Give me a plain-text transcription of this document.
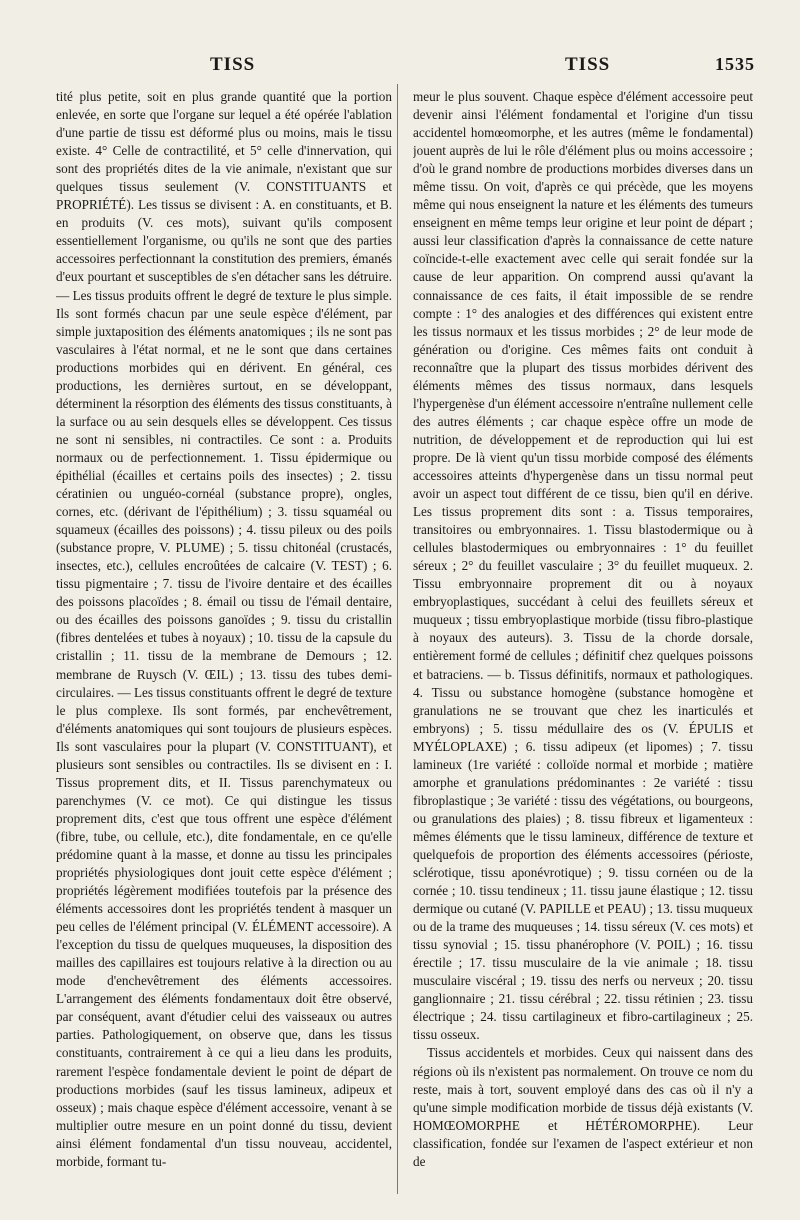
TISS	TISS	1535

tité plus petite, soit en plus grande quantité que la portion enlevée, en sorte que l'organe sur lequel a été opérée l'ablation d'une partie de tissu est déformé plus ou moins, mais le tissu existe. 4° Celle de contractilité, et 5° celle d'innervation, qui sont des propriétés dites de la vie animale, n'existant que sur quelques tissus seulement (V. CONSTITUANTS et PROPRIÉTÉ). Les tissus se divisent : A. en constituants, et B. en produits (V. ces mots), suivant qu'ils composent essentiellement l'organisme, ou qu'ils ne sont que des parties accessoires perfectionnant la constitution des premiers, émanés d'eux pourtant et susceptibles de s'en détacher sans les détruire. — Les tissus produits offrent le degré de texture le plus simple. Ils sont formés chacun par une seule espèce d'élément, par simple juxtaposition des éléments anatomiques ; ils ne sont pas vasculaires à l'état normal, et ne le sont que dans certaines productions morbides qui en dérivent. En général, ces productions, les dernières surtout, en se développant, déterminent la résorption des éléments des tissus constituants, à la surface ou au sein desquels elles se développent. Ces tissus ne sont ni sensibles, ni contractiles. Ce sont : a. Produits normaux ou de perfectionnement. 1. Tissu épidermique ou épithélial (écailles et certains poils des insectes) ; 2. tissu cératinien ou unguéo-cornéal (substance propre), ongles, cornes, etc. (dérivant de l'épithélium) ; 3. tissu squaméal ou squameux (écailles des poissons) ; 4. tissu pileux ou des poils (substance propre, V. PLUME) ; 5. tissu chitonéal (crustacés, insectes, etc.), cellules encroûtées de calcaire (V. TEST) ; 6. tissu pigmentaire ; 7. tissu de l'ivoire dentaire et des écailles des poissons placoïdes ; 8. émail ou tissu de l'émail dentaire, ou des écailles des poissons ganoïdes ; 9. tissu du cristallin (fibres dentelées et tubes à noyaux) ; 10. tissu de la capsule du cristallin ; 11. tissu de la membrane de Demours ; 12. membrane de Ruysch (V. ŒIL) ; 13. tissu des tubes demi-circulaires. — Les tissus constituants offrent le degré de texture le plus complexe. Ils sont formés, par enchevêtrement, d'éléments anatomiques qui sont toujours de plusieurs espèces. Ils sont vasculaires pour la plupart (V. CONSTITUANT), et plusieurs sont sensibles ou contractiles. Ils se divisent en : I. Tissus proprement dits, et II. Tissus parenchymateux ou parenchymes (V. ce mot). Ce qui distingue les tissus proprement dits, c'est que tous offrent une espèce d'élément (fibre, tube, ou cellule, etc.), dite fondamentale, en ce qu'elle prédomine quant à la masse, et donne au tissu les principales propriétés physiologiques dont jouit cette espèce d'élément ; propriétés légèrement modifiées toutefois par la présence des éléments accessoires dont les propriétés tendent à masquer un peu celles de l'élément principal (V. ÉLÉMENT accessoire). A l'exception du tissu de quelques muqueuses, la disposition des mailles des capillaires est toujours relative à la direction ou au mode d'enchevêtrement des éléments accessoires. L'arrangement des éléments fondamentaux doit être observé, par conséquent, avant d'étudier celui des vaisseaux ou autres parties. Pathologiquement, on observe que, dans les tissus constituants, contrairement à ce qui a lieu dans les produits, rarement l'espèce fondamentale devient le point de départ de productions morbides (sauf les tissus lamineux, adipeux et osseux) ; mais chaque espèce d'élément accessoire, venant à se multiplier outre mesure en un point donné du tissu, devient ainsi élément fondamental d'un tissu nouveau, accidentel, morbide, formant tu-

meur le plus souvent. Chaque espèce d'élément accessoire peut devenir ainsi l'élément fondamental et l'origine d'un tissu accidentel homœomorphe, et les autres (même le fondamental) jouent auprès de lui le rôle d'élément plus ou moins accessoire ; d'où le grand nombre de productions morbides diverses dans un même tissu. On voit, d'après ce qui précède, que les moyens même qui nous enseignent la nature et les éléments des tumeurs enseignent en même temps leur origine et leur point de départ ; aussi leur classification d'après la connaissance de cette nature coïncide-t-elle exactement avec celle qui serait fondée sur la cause de leur apparition. On comprend aussi qu'avant la connaissance de ces faits, il était impossible de se rendre compte : 1° des analogies et des différences qui existent entre les tissus normaux et les tissus morbides ; 2° de leur mode de génération ou d'origine. Ces mêmes faits ont conduit à reconnaître que la plupart des tissus morbides dérivent des éléments mêmes des tissus normaux, dans lesquels l'hypergenèse d'un élément accessoire n'entraîne nullement celle des autres éléments ; car chaque espèce offre un mode de nutrition, de développement et de reproduction qui lui est propre. De là vient qu'un tissu morbide composé des éléments accessoires atteints d'hypergenèse dans un tissu normal peut avoir un aspect tout différent de ce tissu, bien qu'il en dérive. Les tissus proprement dits sont : a. Tissus temporaires, transitoires ou embryonnaires. 1. Tissu blastodermique ou à cellules blastodermiques ou embryonnaires : 1° du feuillet séreux ; 2° du feuillet vasculaire ; 3° du feuillet muqueux. 2. Tissu embryonnaire proprement dit ou à noyaux embryoplastiques, succédant à celui des feuillets séreux et muqueux ; tissu embryoplastique morbide (tissu fibro-plastique à noyaux des auteurs). 3. Tissu de la chorde dorsale, entièrement formé de cellules ; définitif chez quelques poissons et batraciens. — b. Tissus définitifs, normaux et pathologiques. 4. Tissu ou substance homogène (substance homogène et granulations ne se trouvant que chez les inarticulés et embryons) ; 5. tissu médullaire des os (V. ÉPULIS et MYÉLOPLAXE) ; 6. tissu adipeux (et lipomes) ; 7. tissu lamineux (1re variété : colloïde normal et morbide ; matière amorphe et granulations prédominantes : 2e variété : tissu fibroplastique ; 3e variété : tissu des végétations, ou bourgeons, ou granulations des plaies) ; 8. tissu fibreux et ligamenteux : mêmes éléments que le tissu lamineux, différence de texture et quelquefois de proportion des éléments accessoires (périoste, sclérotique, tissu aponévrotique) ; 9. tissu cornéen ou de la cornée ; 10. tissu tendineux ; 11. tissu jaune élastique ; 12. tissu dermique ou cutané (V. PAPILLE et PEAU) ; 13. tissu muqueux ou de la trame des muqueuses ; 14. tissu séreux (V. ces mots) et tissu synovial ; 15. tissu phanérophore (V. POIL) ; 16. tissu érectile ; 17. tissu musculaire de la vie animale ; 18. tissu musculaire viscéral ; 19. tissu des nerfs ou nerveux ; 20. tissu ganglionnaire ; 21. tissu cérébral ; 22. tissu rétinien ; 23. tissu électrique ; 24. tissu cartilagineux et fibro-cartilagineux ; 25. tissu osseux.

Tissus accidentels et morbides. Ceux qui naissent dans des régions où ils n'existent pas normalement. On trouve ce nom du reste, mais à tort, souvent employé dans des cas où il n'y a qu'une simple modification morbide de tissus déjà existants (V. HOMŒOMORPHE et HÉTÉROMORPHE). Leur classification, fondée sur l'examen de l'aspect extérieur et non de
